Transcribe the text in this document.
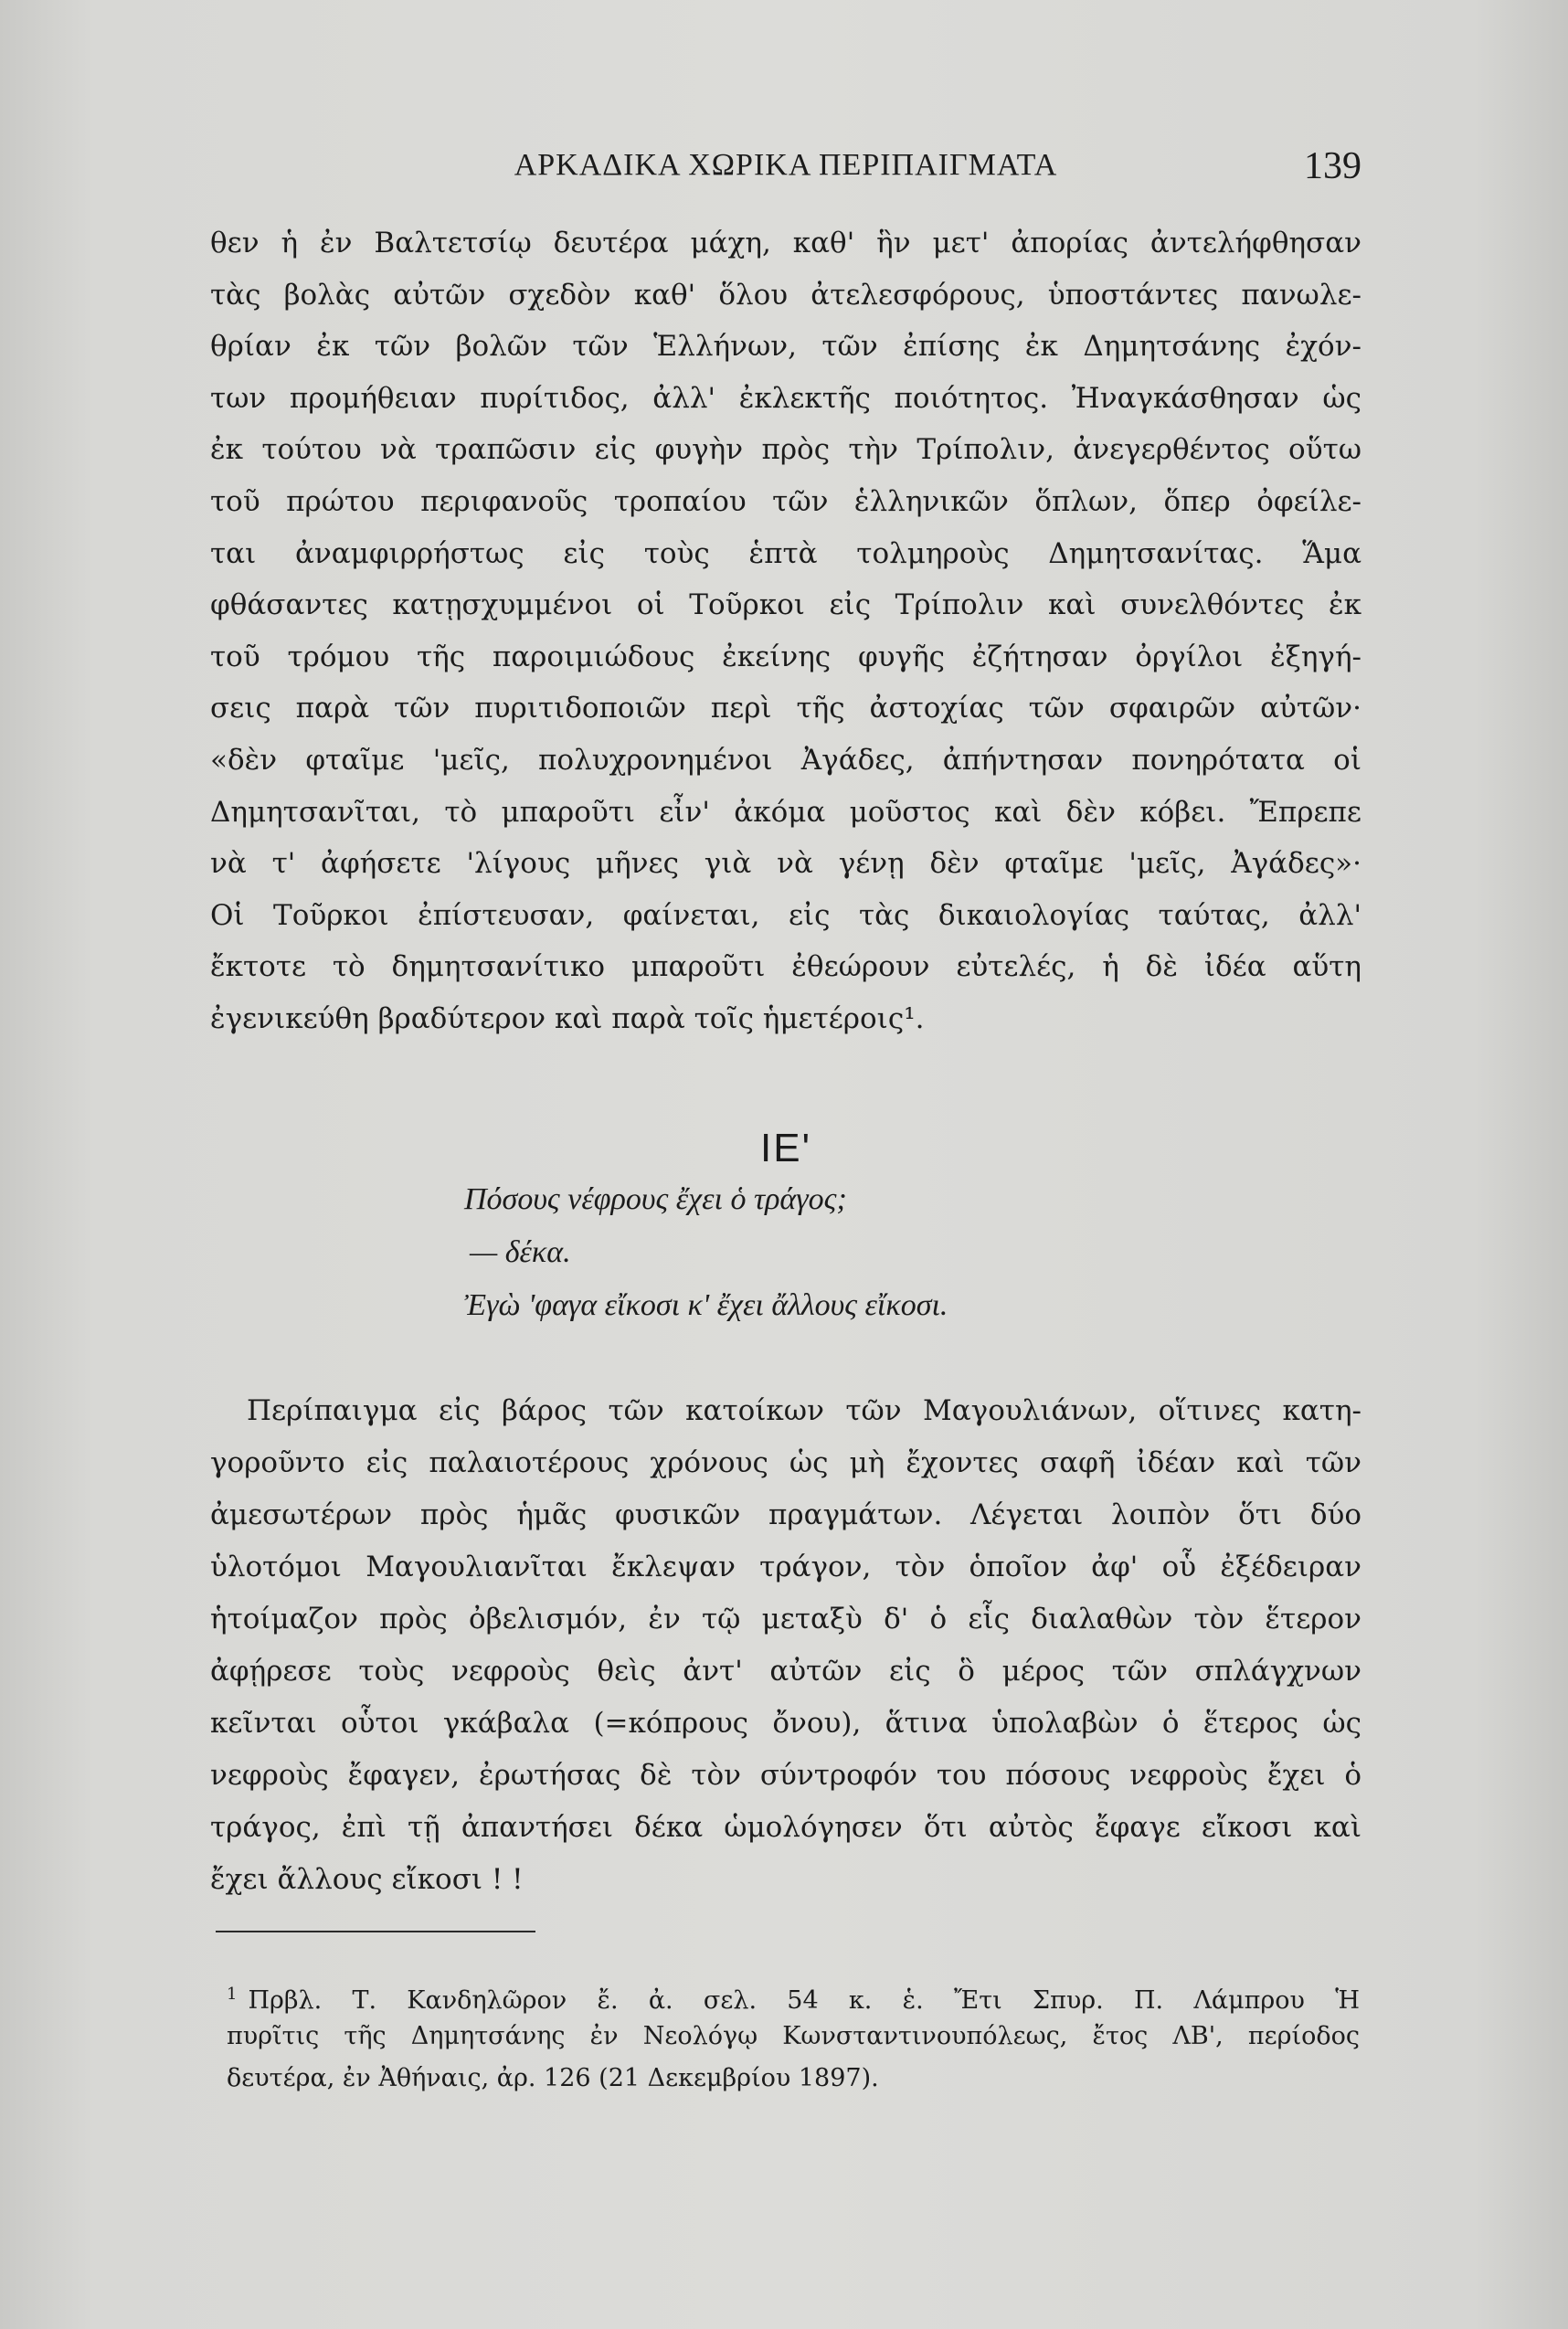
ΑΡΚΑΔΙΚΑ ΧΩΡΙΚΑ ΠΕΡΙΠΑΙΓΜΑΤΑ	139
θεν ἡ ἐν Βαλτετσίῳ δευτέρα μάχη, καθ' ἣν μετ' ἀπορίας ἀντελήφθησαν
τὰς βολὰς αὐτῶν σχεδὸν καθ' ὅλου ἀτελεσφόρους, ὑποστάντες πανωλε-
θρίαν ἐκ τῶν βολῶν τῶν Ἑλλήνων, τῶν ἐπίσης ἐκ Δημητσάνης ἐχόν-
των προμήθειαν πυρίτιδος, ἀλλ' ἐκλεκτῆς ποιότητος. Ἠναγκάσθησαν ὡς
ἐκ τούτου νὰ τραπῶσιν εἰς φυγὴν πρὸς τὴν Τρίπολιν, ἀνεγερθέντος οὕτω
τοῦ πρώτου περιφανοῦς τροπαίου τῶν ἑλληνικῶν ὅπλων, ὅπερ ὀφείλε-
ται ἀναμφιρρήστως εἰς τοὺς ἑπτὰ τολμηροὺς Δημητσανίτας. Ἅμα
φθάσαντες κατῃσχυμμένοι οἱ Τοῦρκοι εἰς Τρίπολιν καὶ συνελθόντες ἐκ
τοῦ τρόμου τῆς παροιμιώδους ἐκείνης φυγῆς ἐζήτησαν ὀργίλοι ἐξηγή-
σεις παρὰ τῶν πυριτιδοποιῶν περὶ τῆς ἀστοχίας τῶν σφαιρῶν αὐτῶν·
«δὲν φταῖμε 'μεῖς, πολυχρονημένοι Ἀγάδες, ἀπήντησαν πονηρότατα οἱ
Δημητσανῖται, τὸ μπαροῦτι εἶν' ἀκόμα μοῦστος καὶ δὲν κόβει. Ἔπρεπε
νὰ τ' ἀφήσετε 'λίγους μῆνες γιὰ νὰ γένῃ δὲν φταῖμε 'μεῖς, Ἀγάδες»·
Οἱ Τοῦρκοι ἐπίστευσαν, φαίνεται, εἰς τὰς δικαιολογίας ταύτας, ἀλλ'
ἔκτοτε τὸ δημητσανίτικο μπαροῦτι ἐθεώρουν εὐτελές, ἡ δὲ ἰδέα αὕτη
ἐγενικεύθη βραδύτερον καὶ παρὰ τοῖς ἡμετέροις¹.
ΙΕ'
Πόσους νέφρους ἔχει ὁ τράγος;
— δέκα.
Ἐγὼ 'φαγα εἴκοσι κ' ἔχει ἄλλους εἴκοσι.
Περίπαιγμα εἰς βάρος τῶν κατοίκων τῶν Μαγουλιάνων, οἵτινες κατη-
γοροῦντο εἰς παλαιοτέρους χρόνους ὡς μὴ ἔχοντες σαφῆ ἰδέαν καὶ τῶν
ἀμεσωτέρων πρὸς ἡμᾶς φυσικῶν πραγμάτων. Λέγεται λοιπὸν ὅτι δύο
ὑλοτόμοι Μαγουλιανῖται ἔκλεψαν τράγον, τὸν ὁποῖον ἀφ' οὗ ἐξέδειραν
ἡτοίμαζον πρὸς ὀβελισμόν, ἐν τῷ μεταξὺ δ' ὁ εἷς διαλαθὼν τὸν ἕτερον
ἀφῄρεσε τοὺς νεφροὺς θεὶς ἀντ' αὐτῶν εἰς ὃ μέρος τῶν σπλάγχνων
κεῖνται οὗτοι γκάβαλα (=κόπρους ὄνου), ἅτινα ὑπολαβὼν ὁ ἕτερος ὡς
νεφροὺς ἔφαγεν, ἐρωτήσας δὲ τὸν σύντροφόν του πόσους νεφροὺς ἔχει ὁ
τράγος, ἐπὶ τῇ ἀπαντήσει δέκα ὡμολόγησεν ὅτι αὐτὸς ἔφαγε εἴκοσι καὶ
ἔχει ἄλλους εἴκοσι ! !
$^1$ Πρβλ. Τ. Κανδηλῶρον ἔ. ἀ. σελ. 54 κ. ἑ. Ἔτι Σπυρ. Π. Λάμπρου Ἡ
πυρῖτις τῆς Δημητσάνης ἐν Νεολόγῳ Κωνσταντινουπόλεως, ἔτος ΛΒ', περίοδος
δευτέρα, ἐν Ἀθήναις, ἀρ. 126 (21 Δεκεμβρίου 1897).
